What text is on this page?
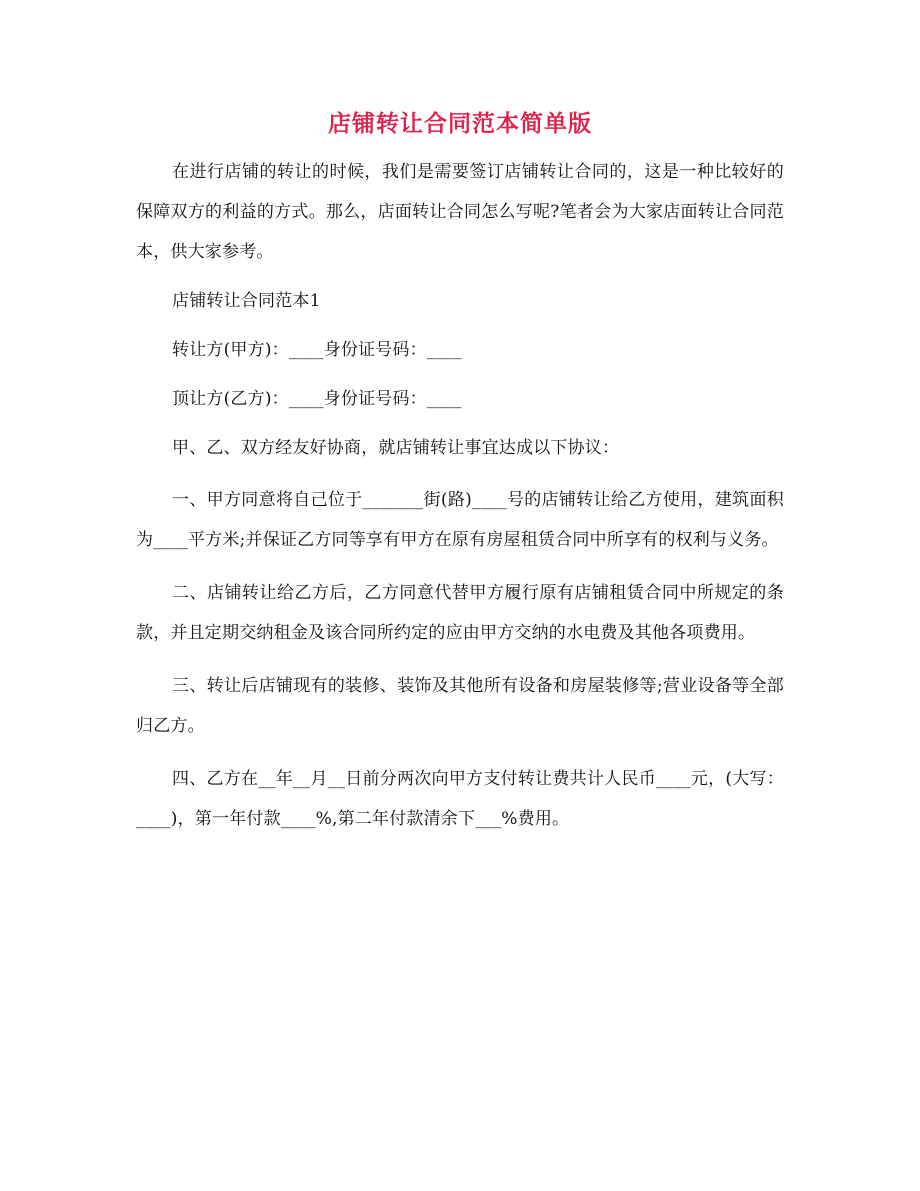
店铺转让合同范本简单版

在进行店铺的转让的时候，我们是需要签订店铺转让合同的，这是一种比较好的保障双方的利益的方式。那么，店面转让合同怎么写呢?笔者会为大家店面转让合同范本，供大家参考。

店铺转让合同范本1

转让方(甲方)：____身份证号码：____

顶让方(乙方)：____身份证号码：____

甲、乙、双方经友好协商，就店铺转让事宜达成以下协议：

一、甲方同意将自己位于_______街(路)____号的店铺转让给乙方使用，建筑面积为____平方米;并保证乙方同等享有甲方在原有房屋租赁合同中所享有的权利与义务。

二、店铺转让给乙方后，乙方同意代替甲方履行原有店铺租赁合同中所规定的条款，并且定期交纳租金及该合同所约定的应由甲方交纳的水电费及其他各项费用。

三、转让后店铺现有的装修、装饰及其他所有设备和房屋装修等;营业设备等全部归乙方。

四、乙方在__年__月__日前分两次向甲方支付转让费共计人民币____元，(大写：____)，第一年付款____%,第二年付款清余下___%费用。
